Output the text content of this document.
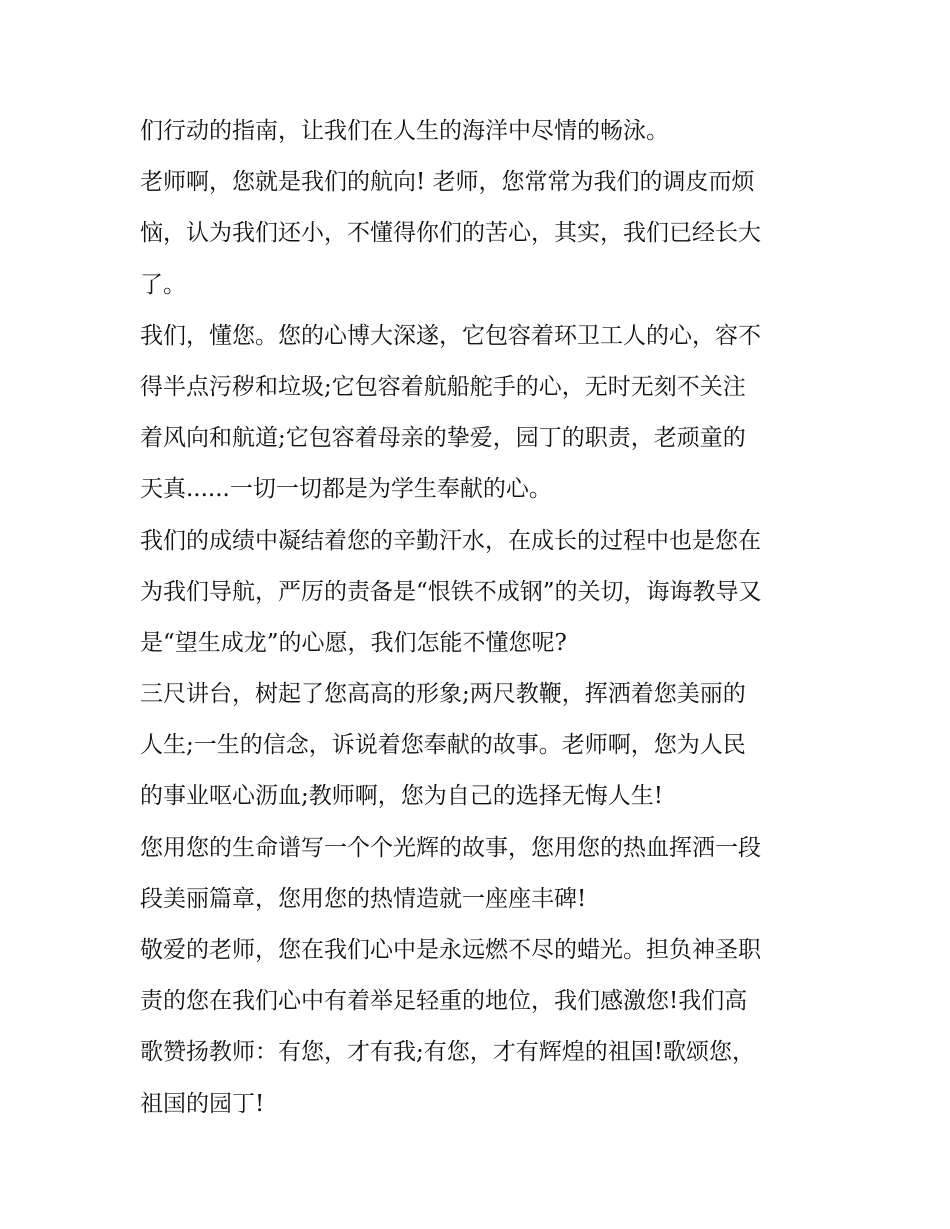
们行动的指南，让我们在人生的海洋中尽情的畅泳。
老师啊，您就是我们的航向! 老师，您常常为我们的调皮而烦
恼，认为我们还小，不懂得你们的苦心，其实，我们已经长大
了。
我们，懂您。您的心博大深遂，它包容着环卫工人的心，容不
得半点污秽和垃圾;它包容着航船舵手的心，无时无刻不关注
着风向和航道;它包容着母亲的挚爱，园丁的职责，老顽童的
天真......一切一切都是为学生奉献的心。
我们的成绩中凝结着您的辛勤汗水，在成长的过程中也是您在
为我们导航，严厉的责备是“恨铁不成钢”的关切，诲诲教导又
是“望生成龙”的心愿，我们怎能不懂您呢?
三尺讲台，树起了您高高的形象;两尺教鞭，挥洒着您美丽的
人生;一生的信念，诉说着您奉献的故事。老师啊，您为人民
的事业呕心沥血;教师啊，您为自己的选择无悔人生!
您用您的生命谱写一个个光辉的故事，您用您的热血挥洒一段
段美丽篇章，您用您的热情造就一座座丰碑!
敬爱的老师，您在我们心中是永远燃不尽的蜡光。担负神圣职
责的您在我们心中有着举足轻重的地位，我们感激您!我们高
歌赞扬教师：有您，才有我;有您，才有辉煌的祖国!歌颂您，
祖国的园丁!
